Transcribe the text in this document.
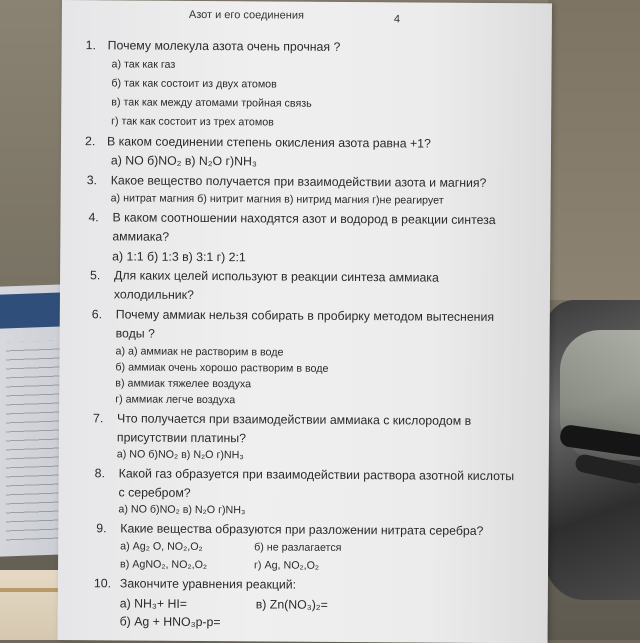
Азот и его соединения	4
1. Почему молекула азота очень прочная ?
а) так как газ
б) так как состоит из двух атомов
в) так как между атомами тройная связь
г) так как состоит из трех атомов
2. В каком соединении степень окисления азота равна +1?
а) NO б)NO₂ в) N₂O г)NH₃
3. Какое вещество получается при взаимодействии азота и магния?
а) нитрат магния б) нитрит магния в) нитрид магния г)не реагирует
4. В каком соотношении находятся азот и водород в реакции синтеза
аммиака?
а) 1:1 б) 1:3 в) 3:1 г) 2:1
5. Для каких целей используют в реакции синтеза аммиака
холодильник?
6. Почему аммиак нельзя собирать в пробирку методом вытеснения
воды ?
а) а) аммиак не растворим в воде
б) аммиак очень хорошо растворим в воде
в) аммиак тяжелее воздуха
г) аммиак легче воздуха
7. Что получается при взаимодействии аммиака с кислородом в
присутствии платины?
а) NO б)NO₂ в) N₂O г)NH₃
8. Какой газ образуется при взаимодействии раствора азотной кислоты
с серебром?
а) NO б)NO₂ в) N₂O г)NH₃
9. Какие вещества образуются при разложении нитрата серебра?
а) Ag₂ O, NO₂,O₂	б) не разлагается
в) AgNO₂, NO₂,O₂	г) Ag, NO₂,O₂
10. Закончите уравнения реакций:
а) NH₃+ HI=	в) Zn(NO₃)₂=
б) Ag + HNO₃р-р=
